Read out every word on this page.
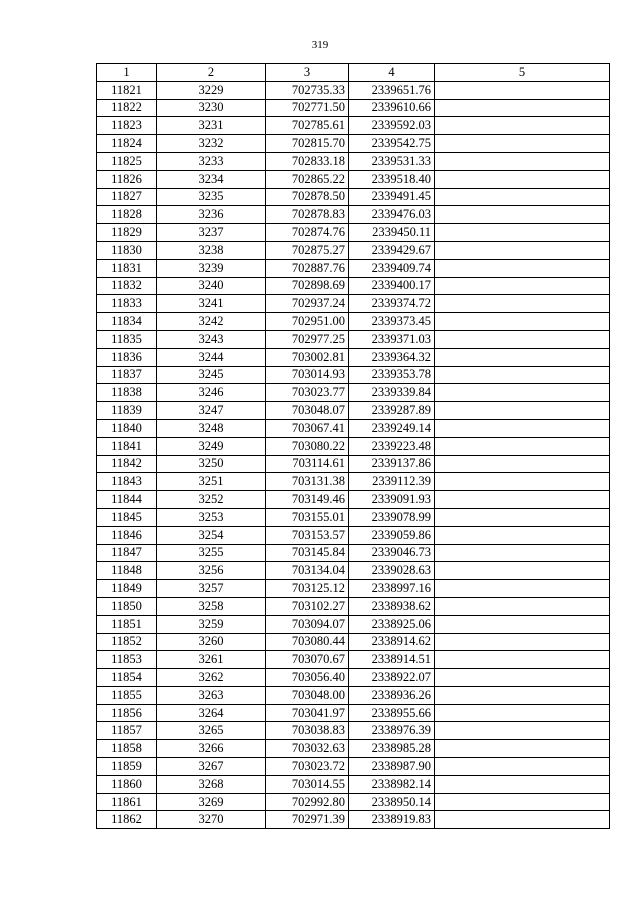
319
1	2	3	4	5
11821	3229	702735.33	2339651.76	
11822	3230	702771.50	2339610.66	
11823	3231	702785.61	2339592.03	
11824	3232	702815.70	2339542.75	
11825	3233	702833.18	2339531.33	
11826	3234	702865.22	2339518.40	
11827	3235	702878.50	2339491.45	
11828	3236	702878.83	2339476.03	
11829	3237	702874.76	2339450.11	
11830	3238	702875.27	2339429.67	
11831	3239	702887.76	2339409.74	
11832	3240	702898.69	2339400.17	
11833	3241	702937.24	2339374.72	
11834	3242	702951.00	2339373.45	
11835	3243	702977.25	2339371.03	
11836	3244	703002.81	2339364.32	
11837	3245	703014.93	2339353.78	
11838	3246	703023.77	2339339.84	
11839	3247	703048.07	2339287.89	
11840	3248	703067.41	2339249.14	
11841	3249	703080.22	2339223.48	
11842	3250	703114.61	2339137.86	
11843	3251	703131.38	2339112.39	
11844	3252	703149.46	2339091.93	
11845	3253	703155.01	2339078.99	
11846	3254	703153.57	2339059.86	
11847	3255	703145.84	2339046.73	
11848	3256	703134.04	2339028.63	
11849	3257	703125.12	2338997.16	
11850	3258	703102.27	2338938.62	
11851	3259	703094.07	2338925.06	
11852	3260	703080.44	2338914.62	
11853	3261	703070.67	2338914.51	
11854	3262	703056.40	2338922.07	
11855	3263	703048.00	2338936.26	
11856	3264	703041.97	2338955.66	
11857	3265	703038.83	2338976.39	
11858	3266	703032.63	2338985.28	
11859	3267	703023.72	2338987.90	
11860	3268	703014.55	2338982.14	
11861	3269	702992.80	2338950.14	
11862	3270	702971.39	2338919.83	
